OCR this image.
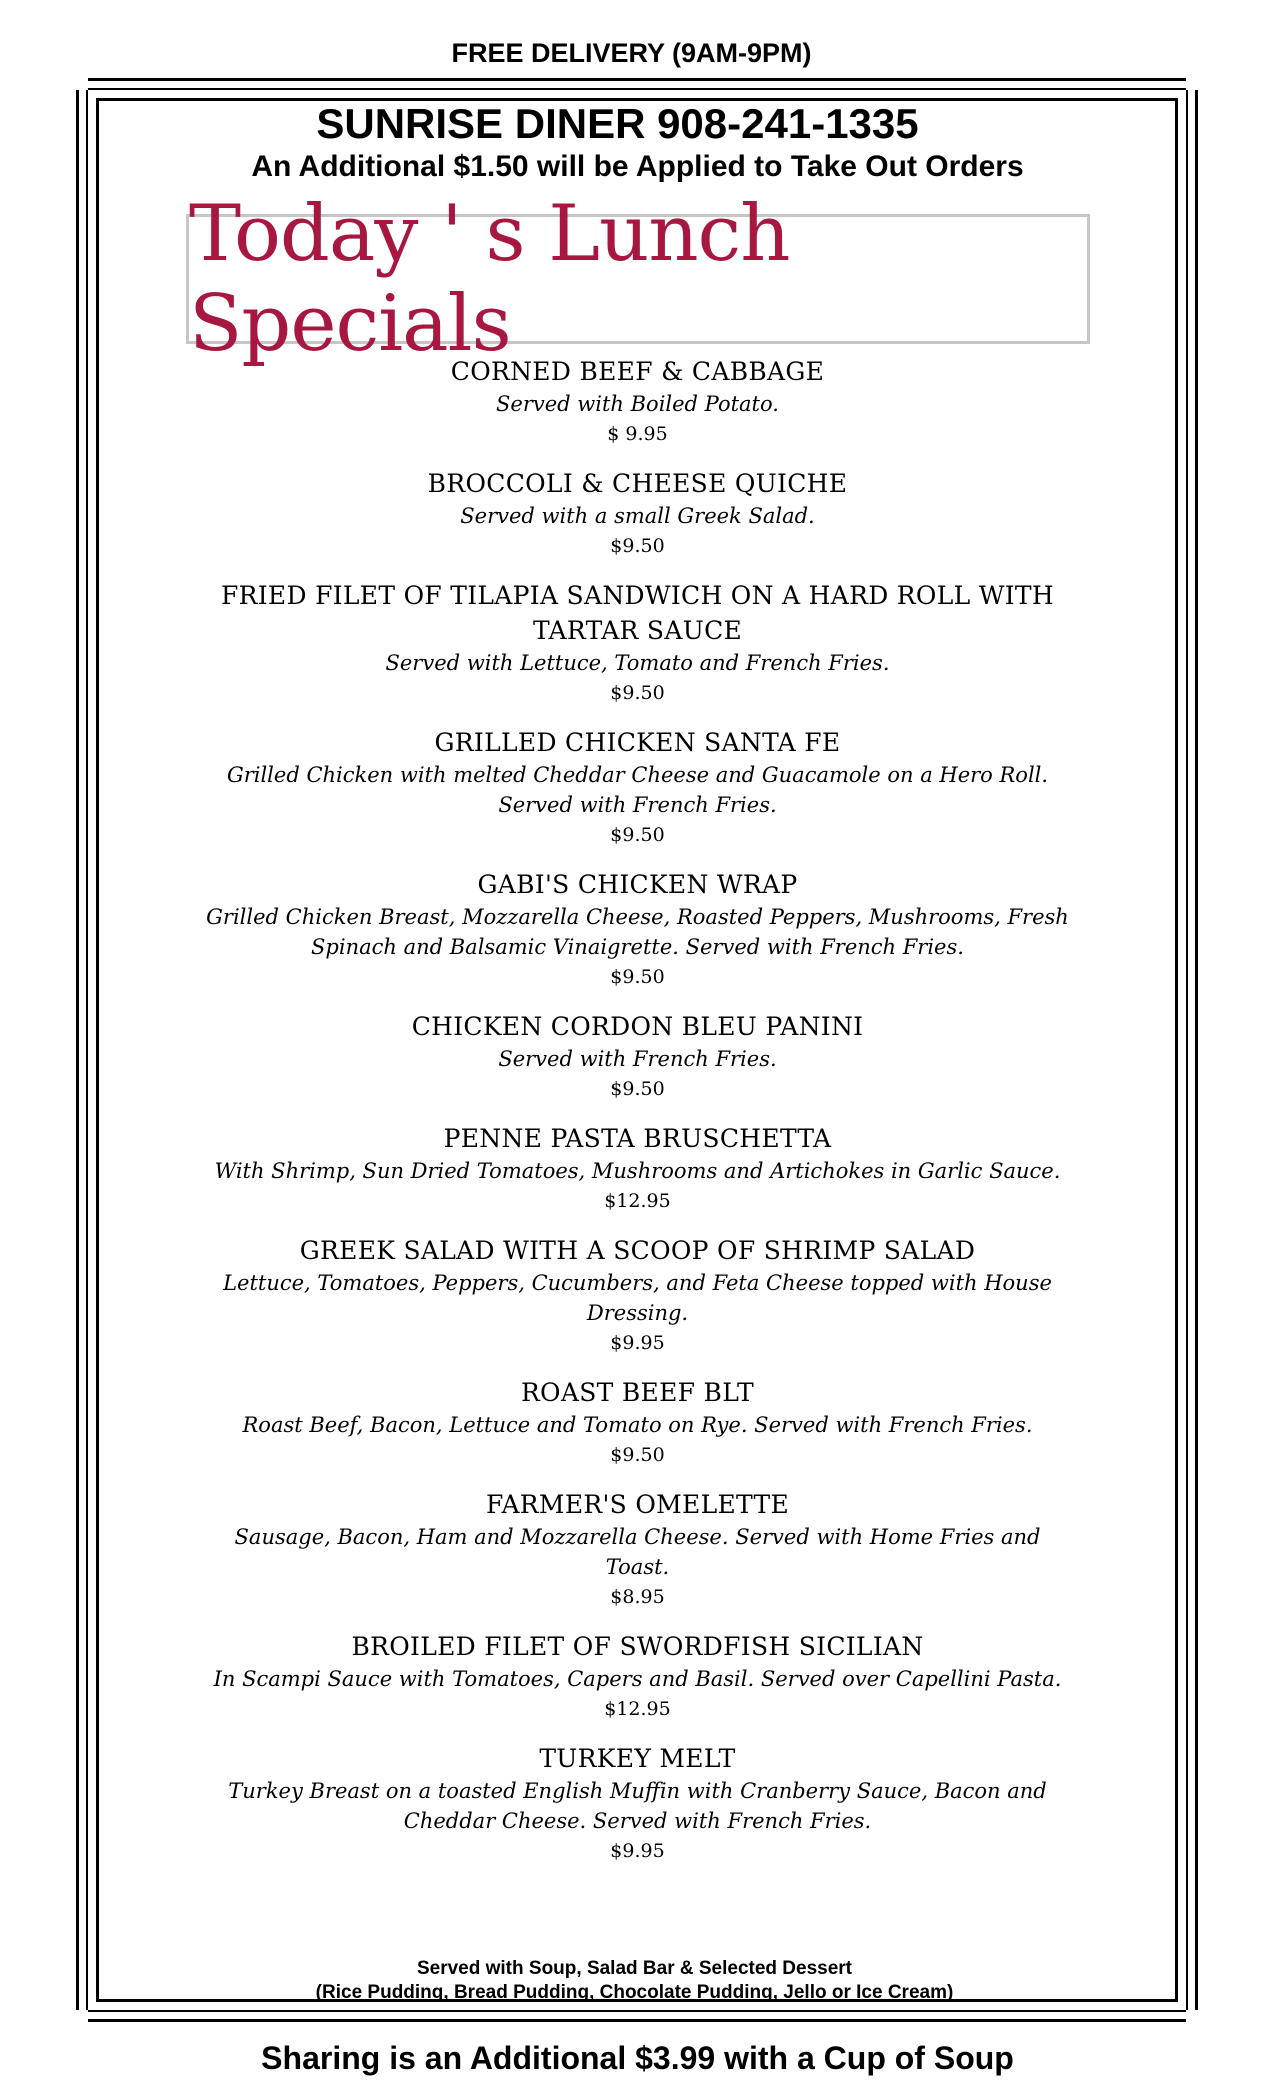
FREE DELIVERY (9AM-9PM)
SUNRISE DINER 908-241-1335
An Additional $1.50 will be Applied to Take Out Orders
Today ' s Lunch Specials
CORNED BEEF & CABBAGE
Served with Boiled Potato.
$ 9.95
BROCCOLI & CHEESE QUICHE
Served with a small Greek Salad.
$9.50
FRIED FILET OF TILAPIA SANDWICH ON A HARD ROLL WITH TARTAR SAUCE
Served with Lettuce, Tomato and French Fries.
$9.50
GRILLED CHICKEN SANTA FE
Grilled Chicken with melted Cheddar Cheese and Guacamole on a Hero Roll. Served with French Fries.
$9.50
GABI'S CHICKEN WRAP
Grilled Chicken Breast, Mozzarella Cheese, Roasted Peppers, Mushrooms, Fresh Spinach and Balsamic Vinaigrette. Served with French Fries.
$9.50
CHICKEN CORDON BLEU PANINI
Served with French Fries.
$9.50
PENNE PASTA BRUSCHETTA
With Shrimp, Sun Dried Tomatoes, Mushrooms and Artichokes in Garlic Sauce.
$12.95
GREEK SALAD WITH A SCOOP OF SHRIMP SALAD
Lettuce, Tomatoes, Peppers, Cucumbers, and Feta Cheese topped with House Dressing.
$9.95
ROAST BEEF BLT
Roast Beef, Bacon, Lettuce and Tomato on Rye. Served with French Fries.
$9.50
FARMER'S OMELETTE
Sausage, Bacon, Ham and Mozzarella Cheese. Served with Home Fries and Toast.
$8.95
BROILED FILET OF SWORDFISH SICILIAN
In Scampi Sauce with Tomatoes, Capers and Basil. Served over Capellini Pasta.
$12.95
TURKEY MELT
Turkey Breast on a toasted English Muffin with Cranberry Sauce, Bacon and Cheddar Cheese. Served with French Fries.
$9.95
Served with Soup, Salad Bar & Selected Dessert
(Rice Pudding, Bread Pudding, Chocolate Pudding, Jello or Ice Cream)
Sharing is an Additional $3.99 with a Cup of Soup
